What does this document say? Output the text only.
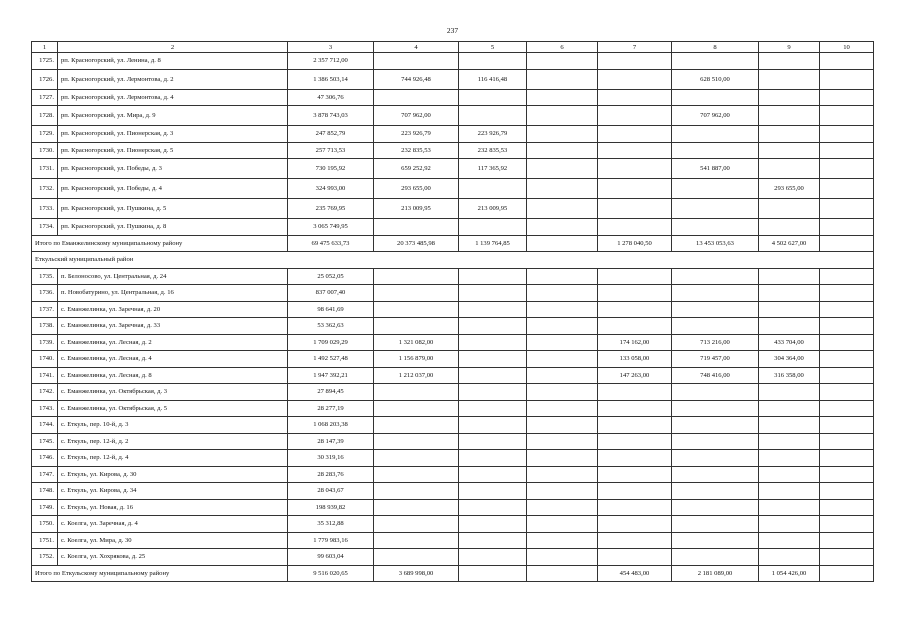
237
1	2	3	4	5	6	7	8	9	10
1725.	рп. Красногорский, ул. Ленина, д. 8	2 357 712,00							
1726.	рп. Красногорский, ул. Лермонтова, д. 2	1 386 503,14	744 926,48	116 416,48			628 510,00		
1727.	рп. Красногорский, ул. Лермонтова, д. 4	47 306,76							
1728.	рп. Красногорский, ул. Мира, д. 9	3 878 743,03	707 962,00				707 962,00		
1729.	рп. Красногорский, ул. Пионерская, д. 3	247 852,79	223 926,79	223 926,79					
1730.	рп. Красногорский, ул. Пионерская, д. 5	257 713,53	232 835,53	232 835,53					
1731.	рп. Красногорский, ул. Победы, д. 3	730 195,92	659 252,92	117 365,92			541 887,00		
1732.	рп. Красногорский, ул. Победы, д. 4	324 993,00	293 655,00					293 655,00	
1733.	рп. Красногорский, ул. Пушкина, д. 5	235 769,95	213 009,95	213 009,95					
1734.	рп. Красногорский, ул. Пушкина, д. 8	3 065 749,95							
Итого по Еманжелинскому муниципальному району		69 475 633,73	20 373 485,98	1 139 764,85		1 278 040,50	13 453 053,63	4 502 627,00	
Еткульский муниципальный район									
1735.	п. Белоносово, ул. Центральная, д. 24	25 052,05							
1736.	п. Новобатурино, ул. Центральная, д. 16	837 007,40							
1737.	с. Еманжелинка, ул. Заречная, д. 20	98 641,69							
1738.	с. Еманжелинка, ул. Заречная, д. 33	53 362,63							
1739.	с. Еманжелинка, ул. Лесная, д. 2	1 709 029,29	1 321 082,00			174 162,00	713 216,00	433 704,00	
1740.	с. Еманжелинка, ул. Лесная, д. 4	1 492 527,48	1 156 879,00			133 058,00	719 457,00	304 364,00	
1741.	с. Еманжелинка, ул. Лесная, д. 8	1 947 392,21	1 212 037,00			147 263,00	748 416,00	316 358,00	
1742.	с. Еманжелинка, ул. Октябрьская, д. 3	27 894,45							
1743.	с. Еманжелинка, ул. Октябрьская, д. 5	28 277,19							
1744.	с. Еткуль, пер. 10-й, д. 3	1 068 203,38							
1745.	с. Еткуль, пер. 12-й, д. 2	28 147,39							
1746.	с. Еткуль, пер. 12-й, д. 4	30 319,16							
1747.	с. Еткуль, ул. Кирова, д. 30	28 283,76							
1748.	с. Еткуль, ул. Кирова, д. 34	28 043,67							
1749.	с. Еткуль, ул. Новая, д. 16	198 939,82							
1750.	с. Коелга, ул. Заречная, д. 4	35 312,88							
1751.	с. Коелга, ул. Мира, д. 30	1 779 983,16							
1752.	с. Коелга, ул. Хохрякова, д. 25	99 603,04							
Итого по Еткульскому муниципальному району		9 516 020,65	3 689 998,00			454 483,00	2 181 089,00	1 054 426,00	
